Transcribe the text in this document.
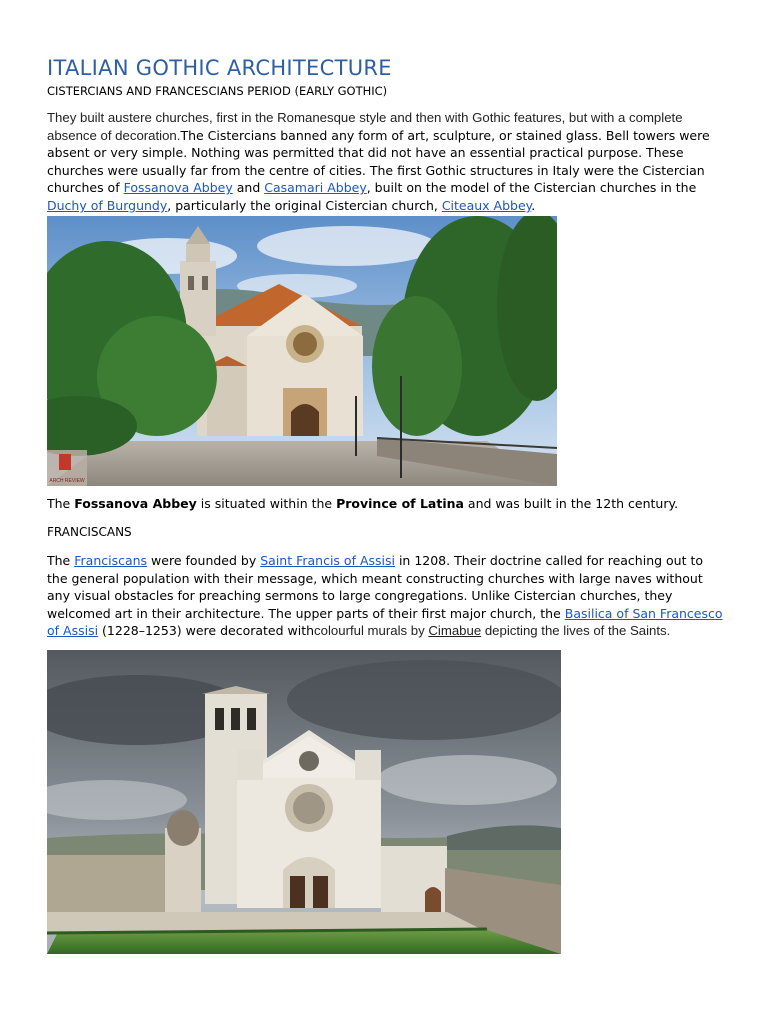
ITALIAN GOTHIC ARCHITECTURE
CISTERCIANS AND FRANCESCIANS PERIOD (EARLY GOTHIC)
They built austere churches, first in the Romanesque style and then with Gothic features, but with a complete absence of decoration.The Cistercians banned any form of art, sculpture, or stained glass. Bell towers were absent or very simple. Nothing was permitted that did not have an essential practical purpose. These churches were usually far from the centre of cities. The first Gothic structures in Italy were the Cistercian churches of Fossanova Abbey and Casamari Abbey, built on the model of the Cistercian churches in the Duchy of Burgundy, particularly the original Cistercian church, Citeaux Abbey.
ARCH REVIEW
The Fossanova Abbey is situated within the Province of Latina and was built in the 12th century.
FRANCISCANS
The Franciscans were founded by Saint Francis of Assisi in 1208. Their doctrine called for reaching out to the general population with their message, which meant constructing churches with large naves without any visual obstacles for preaching sermons to large congregations. Unlike Cistercian churches, they welcomed art in their architecture. The upper parts of their first major church, the Basilica of San Francesco of Assisi (1228–1253) were decorated withcolourful murals by Cimabue depicting the lives of the Saints.
